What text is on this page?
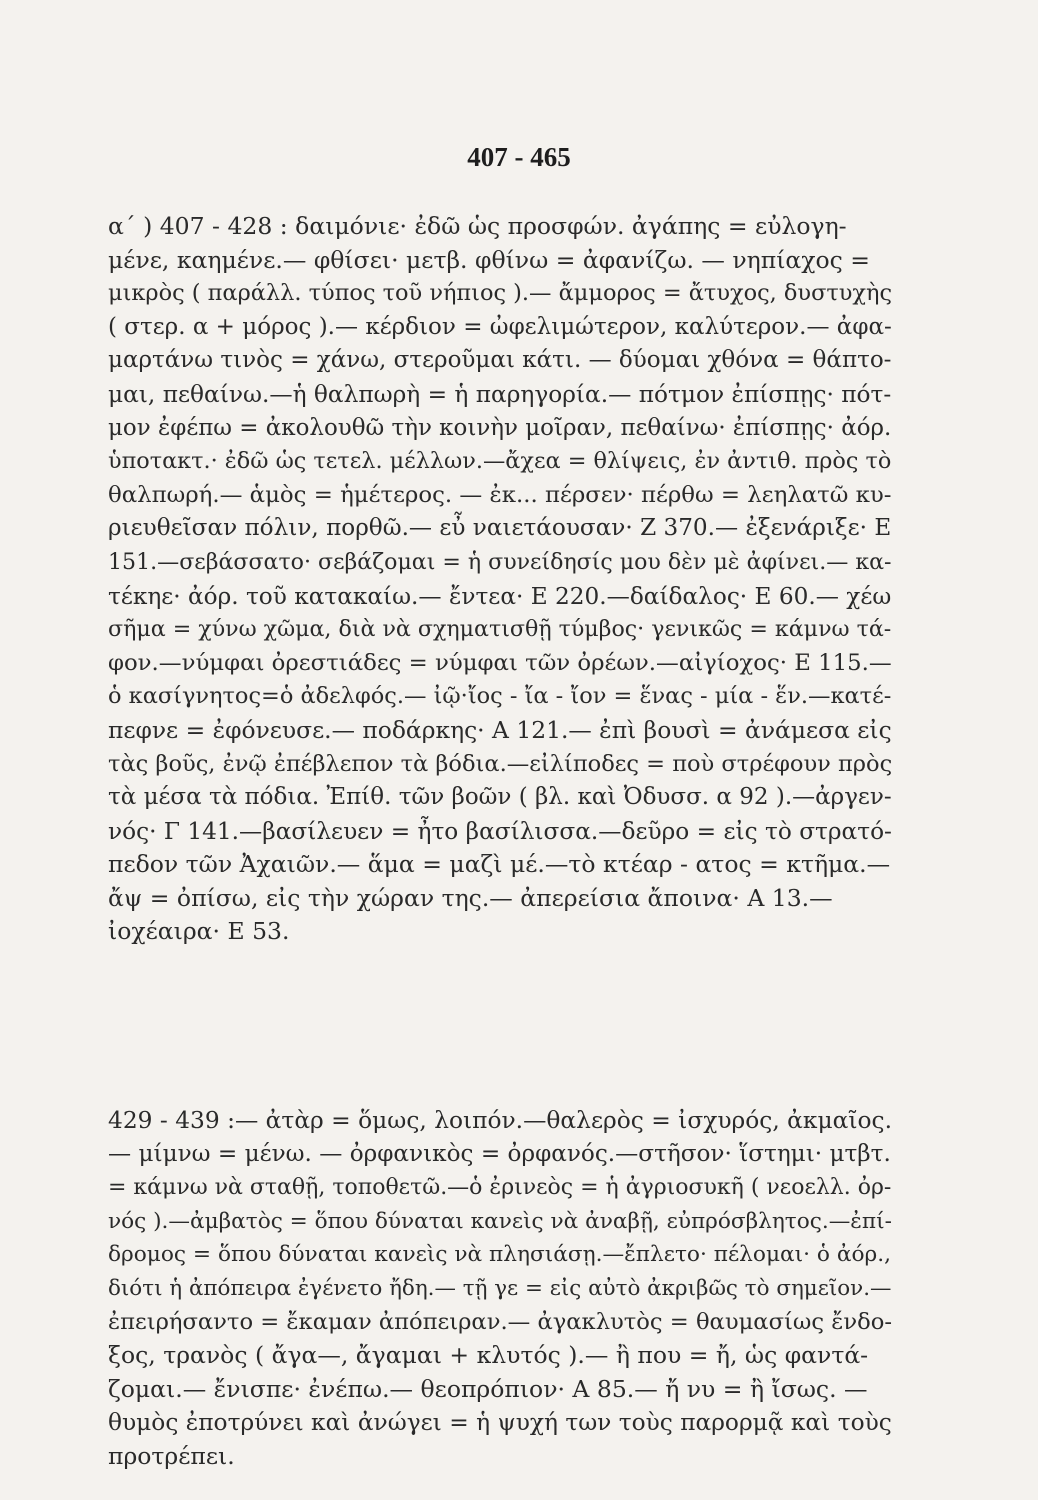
407 - 465
α΄ ) 407 - 428 : δαιμόνιε· ἐδῶ ὡς προσφών. ἀγάπης = εὐλογη-
μένε, καημένε.— φθίσει· μετβ. φθίνω = ἀφανίζω. — νηπίαχος =
μικρὸς ( παράλλ. τύπος τοῦ νήπιος ).— ἄμμορος = ἄτυχος, δυστυχὴς
( στερ. α + μόρος ).— κέρδιον = ὠφελιμώτερον, καλύτερον.— ἀφα-
μαρτάνω τινὸς = χάνω, στεροῦμαι κάτι. — δύομαι χθόνα = θάπτο-
μαι, πεθαίνω.—ἡ θαλπωρὴ = ἡ παρηγορία.— πότμον ἐπίσπῃς· πότ-
μον ἐφέπω = ἀκολουθῶ τὴν κοινὴν μοῖραν, πεθαίνω· ἐπίσπῃς· ἀόρ.
ὑποτακτ.· ἐδῶ ὡς τετελ. μέλλων.—ἄχεα = θλίψεις, ἐν ἀντιθ. πρὸς τὸ
θαλπωρή.— ἁμὸς = ἡμέτερος. — ἐκ... πέρσεν· πέρθω = λεηλατῶ κυ-
ριευθεῖσαν πόλιν, πορθῶ.— εὖ ναιετάουσαν· Ζ 370.— ἐξενάριξε· Ε
151.—σεβάσσατο· σεβάζομαι = ἡ συνείδησίς μου δὲν μὲ ἀφίνει.— κα-
τέκηε· ἀόρ. τοῦ κατακαίω.— ἔντεα· Ε 220.—δαίδαλος· Ε 60.— χέω
σῆμα = χύνω χῶμα, διὰ νὰ σχηματισθῇ τύμβος· γενικῶς = κάμνω τά-
φον.—νύμφαι ὀρεστιάδες = νύμφαι τῶν ὀρέων.—αἰγίοχος· Ε 115.—
ὁ κασίγνητος=ὁ ἀδελφός.— ἰῷ·ἴος - ἴα - ἴον = ἕνας - μία - ἕν.—κατέ-
πεφνε = ἐφόνευσε.— ποδάρκης· Α 121.— ἐπὶ βουσὶ = ἀνάμεσα εἰς
τὰς βοῦς, ἐνῷ ἐπέβλεπον τὰ βόδια.—εἰλίποδες = ποὺ στρέφουν πρὸς
τὰ μέσα τὰ πόδια. Ἐπίθ. τῶν βοῶν ( βλ. καὶ Ὀδυσσ. α 92 ).—ἀργεν-
νός· Γ 141.—βασίλευεν = ἦτο βασίλισσα.—δεῦρο = εἰς τὸ στρατό-
πεδον τῶν Ἀχαιῶν.— ἅμα = μαζὶ μέ.—τὸ κτέαρ - ατος = κτῆμα.—
ἄψ = ὀπίσω, εἰς τὴν χώραν της.— ἀπερείσια ἄποινα· Α 13.—
ἰοχέαιρα· Ε 53.
429 - 439 :— ἀτὰρ = ὅμως, λοιπόν.—θαλερὸς = ἰσχυρός, ἀκμαῖος.
— μίμνω = μένω. — ὀρφανικὸς = ὀρφανός.—στῆσον· ἵστημι· μτβτ.
= κάμνω νὰ σταθῇ, τοποθετῶ.—ὁ ἐρινεὸς = ἡ ἀγριοσυκῆ ( νεοελλ. ὀρ-
νός ).—ἀμβατὸς = ὅπου δύναται κανεὶς νὰ ἀναβῇ, εὐπρόσβλητος.—ἐπί-
δρομος = ὅπου δύναται κανεὶς νὰ πλησιάσῃ.—ἔπλετο· πέλομαι· ὁ ἀόρ.,
διότι ἡ ἀπόπειρα ἐγένετο ἤδη.— τῇ γε = εἰς αὐτὸ ἀκριβῶς τὸ σημεῖον.—
ἐπειρήσαντο = ἔκαμαν ἀπόπειραν.— ἀγακλυτὸς = θαυμασίως ἔνδο-
ξος, τρανὸς ( ἄγα—, ἄγαμαι + κλυτός ).— ἢ που = ἤ, ὡς φαντά-
ζομαι.— ἔνισπε· ἐνέπω.— θεοπρόπιον· Α 85.— ἤ νυ = ἢ ἴσως. —
θυμὸς ἐποτρύνει καὶ ἀνώγει = ἡ ψυχή των τοὺς παρορμᾷ καὶ τοὺς
προτρέπει.
